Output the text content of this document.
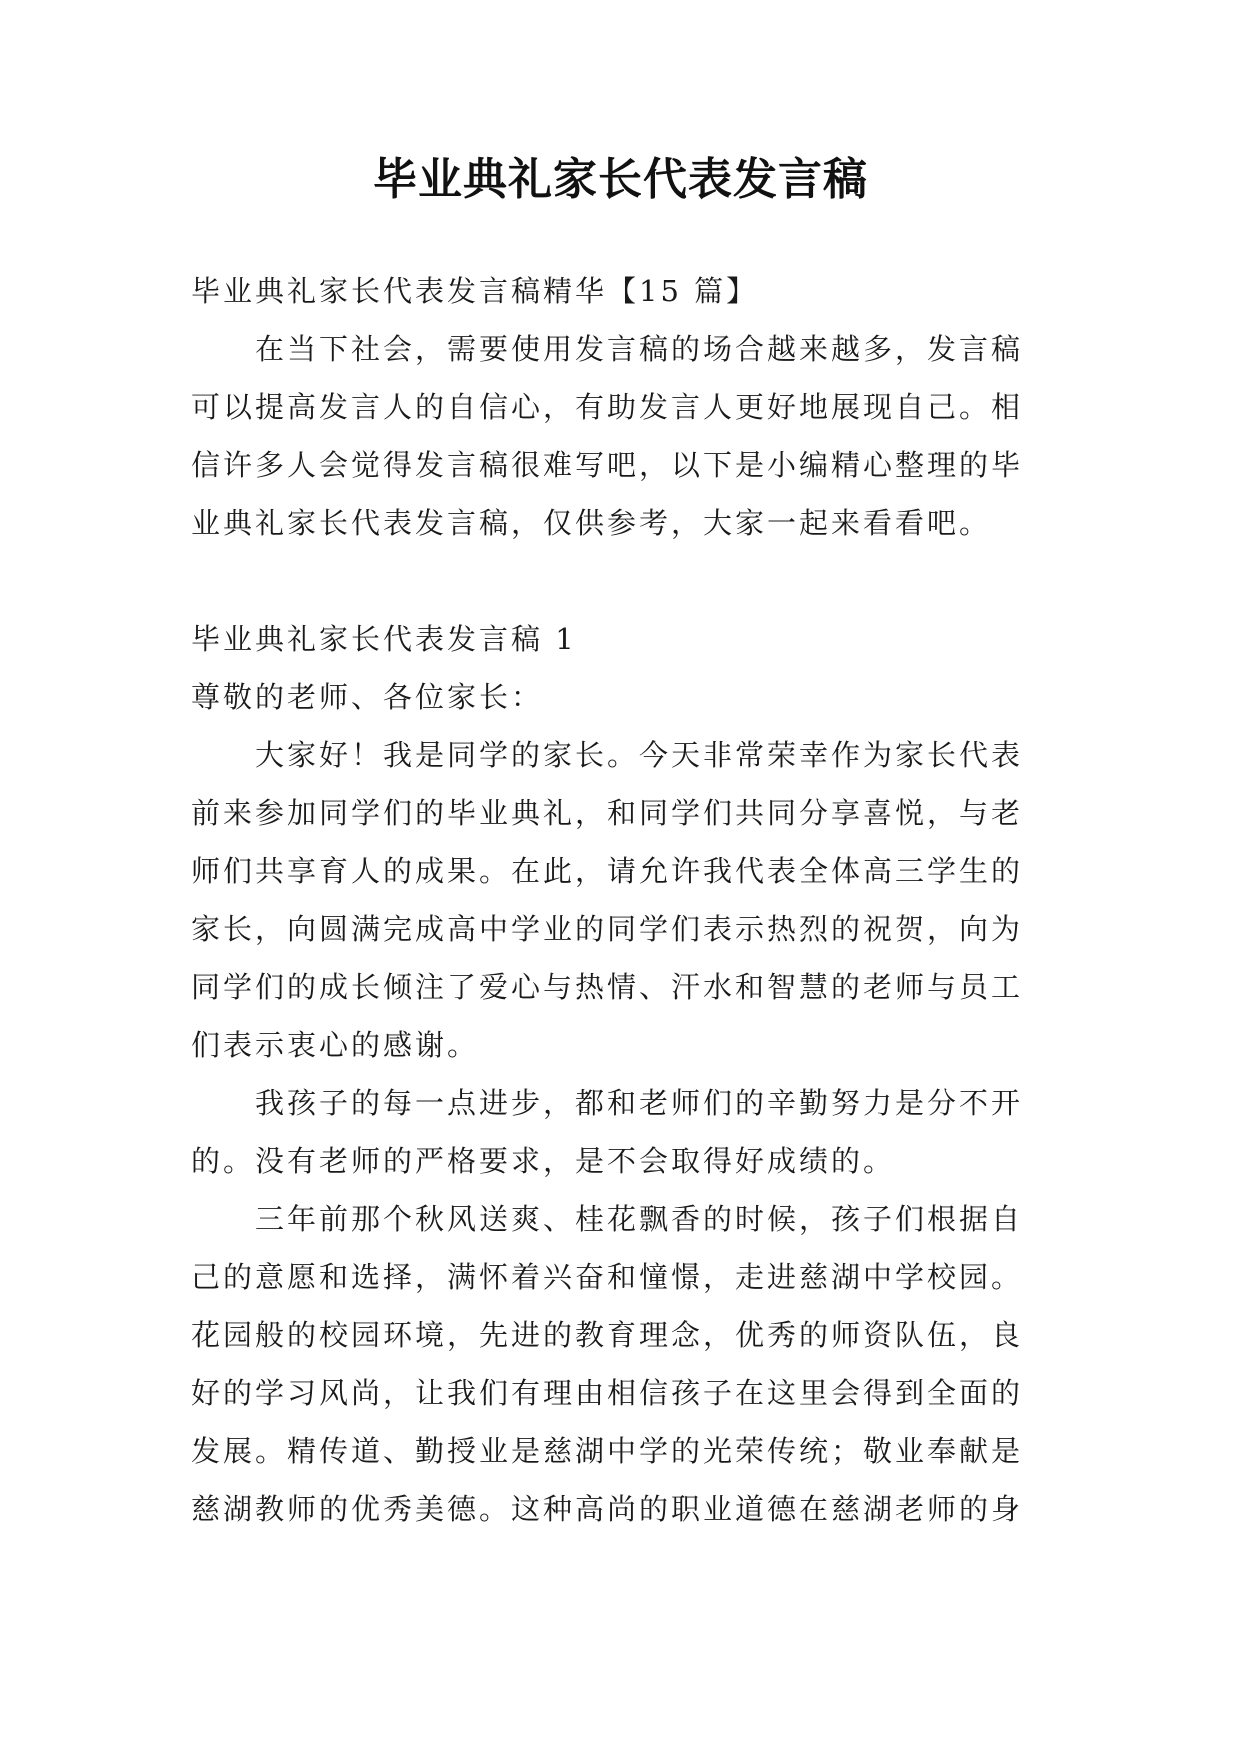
毕业典礼家长代表发言稿
毕业典礼家长代表发言稿精华【15 篇】
在当下社会，需要使用发言稿的场合越来越多，发言稿
可以提高发言人的自信心，有助发言人更好地展现自己。相
信许多人会觉得发言稿很难写吧，以下是小编精心整理的毕
业典礼家长代表发言稿，仅供参考，大家一起来看看吧。
毕业典礼家长代表发言稿 1
尊敬的老师、各位家长：
大家好！我是同学的家长。今天非常荣幸作为家长代表
前来参加同学们的毕业典礼，和同学们共同分享喜悦，与老
师们共享育人的成果。在此，请允许我代表全体高三学生的
家长，向圆满完成高中学业的同学们表示热烈的祝贺，向为
同学们的成长倾注了爱心与热情、汗水和智慧的老师与员工
们表示衷心的感谢。
我孩子的每一点进步，都和老师们的辛勤努力是分不开
的。没有老师的严格要求，是不会取得好成绩的。
三年前那个秋风送爽、桂花飘香的时候，孩子们根据自
己的意愿和选择，满怀着兴奋和憧憬，走进慈湖中学校园。
花园般的校园环境，先进的教育理念，优秀的师资队伍，良
好的学习风尚，让我们有理由相信孩子在这里会得到全面的
发展。精传道、勤授业是慈湖中学的光荣传统；敬业奉献是
慈湖教师的优秀美德。这种高尚的职业道德在慈湖老师的身
